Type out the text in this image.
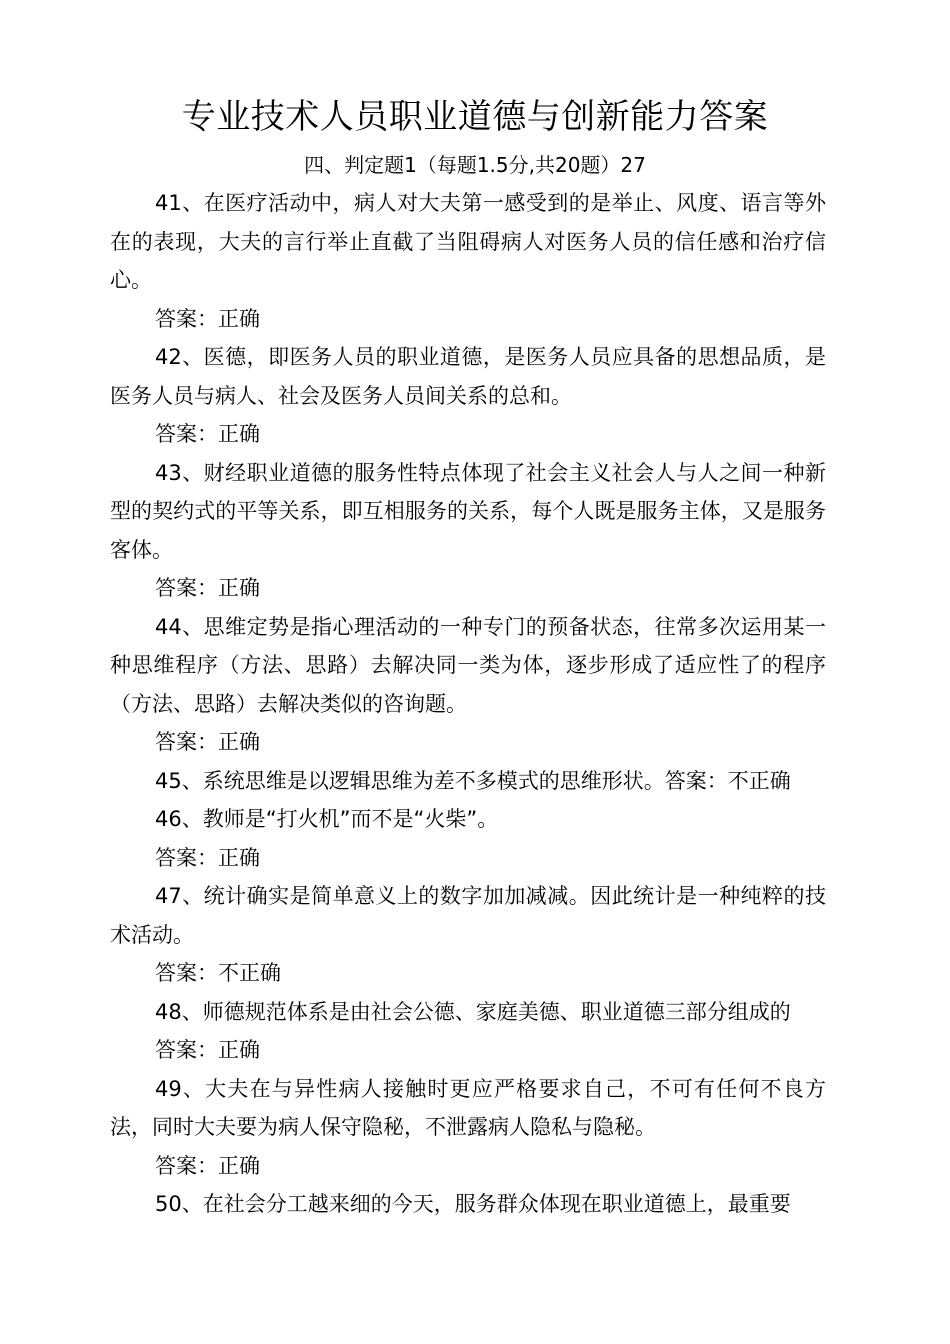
专业技术人员职业道德与创新能力答案
四、判定题1（每题1.5分,共20题）27

41、在医疗活动中，病人对大夫第一感受到的是举止、风度、语言等外在的表现，大夫的言行举止直截了当阻碍病人对医务人员的信任感和治疗信心。

答案：正确

42、医德，即医务人员的职业道德，是医务人员应具备的思想品质，是医务人员与病人、社会及医务人员间关系的总和。

答案：正确

43、财经职业道德的服务性特点体现了社会主义社会人与人之间一种新型的契约式的平等关系，即互相服务的关系，每个人既是服务主体，又是服务客体。

答案：正确

44、思维定势是指心理活动的一种专门的预备状态，往常多次运用某一种思维程序（方法、思路）去解决同一类为体，逐步形成了适应性了的程序（方法、思路）去解决类似的咨询题。

答案：正确

45、系统思维是以逻辑思维为差不多模式的思维形状。答案：不正确

46、教师是“打火机”而不是“火柴”。

答案：正确

47、统计确实是简单意义上的数字加加减减。因此统计是一种纯粹的技术活动。

答案：不正确

48、师德规范体系是由社会公德、家庭美德、职业道德三部分组成的

答案：正确

49、大夫在与异性病人接触时更应严格要求自己，不可有任何不良方法，同时大夫要为病人保守隐秘，不泄露病人隐私与隐秘。

答案：正确

50、在社会分工越来细的今天，服务群众体现在职业道德上，最重要
